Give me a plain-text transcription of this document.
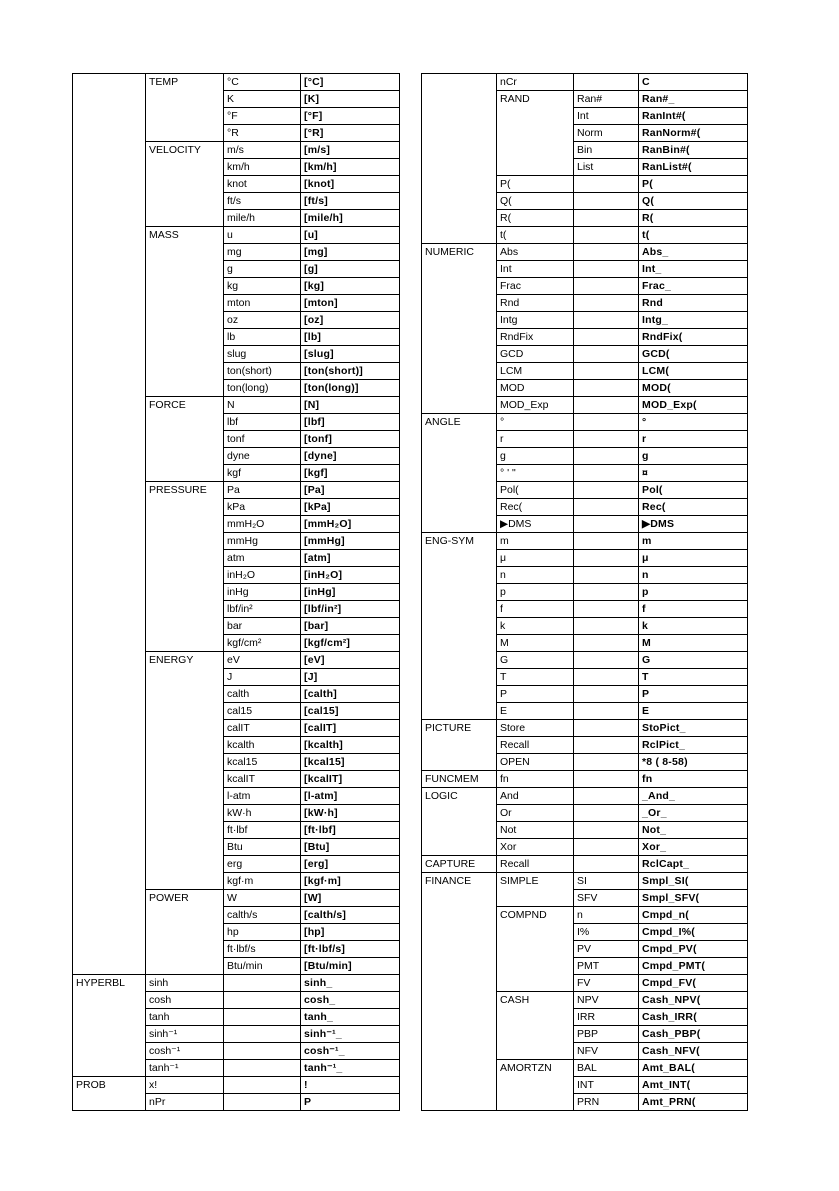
	TEMP	°C	[°C]
		K	[K]
		°F	[°F]
		°R	[°R]
	VELOCITY	m/s	[m/s]
		km/h	[km/h]
		knot	[knot]
		ft/s	[ft/s]
		mile/h	[mile/h]
	MASS	u	[u]
		mg	[mg]
		g	[g]
		kg	[kg]
		mton	[mton]
		oz	[oz]
		lb	[lb]
		slug	[slug]
		ton(short)	[ton(short)]
		ton(long)	[ton(long)]
	FORCE	N	[N]
		lbf	[lbf]
		tonf	[tonf]
		dyne	[dyne]
		kgf	[kgf]
	PRESSURE	Pa	[Pa]
		kPa	[kPa]
		mmH₂O	[mmH₂O]
		mmHg	[mmHg]
		atm	[atm]
		inH₂O	[inH₂O]
		inHg	[inHg]
		lbf/in²	[lbf/in²]
		bar	[bar]
		kgf/cm²	[kgf/cm²]
	ENERGY	eV	[eV]
		J	[J]
		calth	[calth]
		cal15	[cal15]
		calIT	[calIT]
		kcalth	[kcalth]
		kcal15	[kcal15]
		kcalIT	[kcalIT]
		l-atm	[l-atm]
		kW·h	[kW·h]
		ft·lbf	[ft·lbf]
		Btu	[Btu]
		erg	[erg]
		kgf·m	[kgf·m]
	POWER	W	[W]
		calth/s	[calth/s]
		hp	[hp]
		ft·lbf/s	[ft·lbf/s]
		Btu/min	[Btu/min]
HYPERBL	sinh		sinh_
	cosh		cosh_
	tanh		tanh_
	sinh⁻¹		sinh⁻¹_
	cosh⁻¹		cosh⁻¹_
	tanh⁻¹		tanh⁻¹_
PROB	x!		!
	nPr		P
	nCr		C
	RAND	Ran#	Ran#_
		Int	RanInt#(
		Norm	RanNorm#(
		Bin	RanBin#(
		List	RanList#(
	P(		P(
	Q(		Q(
	R(		R(
	t(		t(
NUMERIC	Abs		Abs_
	Int		Int_
	Frac		Frac_
	Rnd		Rnd
	Intg		Intg_
	RndFix		RndFix(
	GCD		GCD(
	LCM		LCM(
	MOD		MOD(
	MOD_Exp		MOD_Exp(
ANGLE	°		°
	r		r
	g		g
	° ' "		¤
	Pol(		Pol(
	Rec(		Rec(
	▶DMS		▶DMS
ENG-SYM	m		m
	μ		μ
	n		n
	p		p
	f		f
	k		k
	M		M
	G		G
	T		T
	P		P
	E		E
PICTURE	Store		StoPict_
	Recall		RclPict_
	OPEN		*8 ( 8-58)
FUNCMEM	fn		fn
LOGIC	And		_And_
	Or		_Or_
	Not		Not_
	Xor		Xor_
CAPTURE	Recall		RclCapt_
FINANCE	SIMPLE	SI	Smpl_SI(
		SFV	Smpl_SFV(
	COMPND	n	Cmpd_n(
		I%	Cmpd_I%(
		PV	Cmpd_PV(
		PMT	Cmpd_PMT(
		FV	Cmpd_FV(
	CASH	NPV	Cash_NPV(
		IRR	Cash_IRR(
		PBP	Cash_PBP(
		NFV	Cash_NFV(
	AMORTZN	BAL	Amt_BAL(
		INT	Amt_INT(
		PRN	Amt_PRN(
